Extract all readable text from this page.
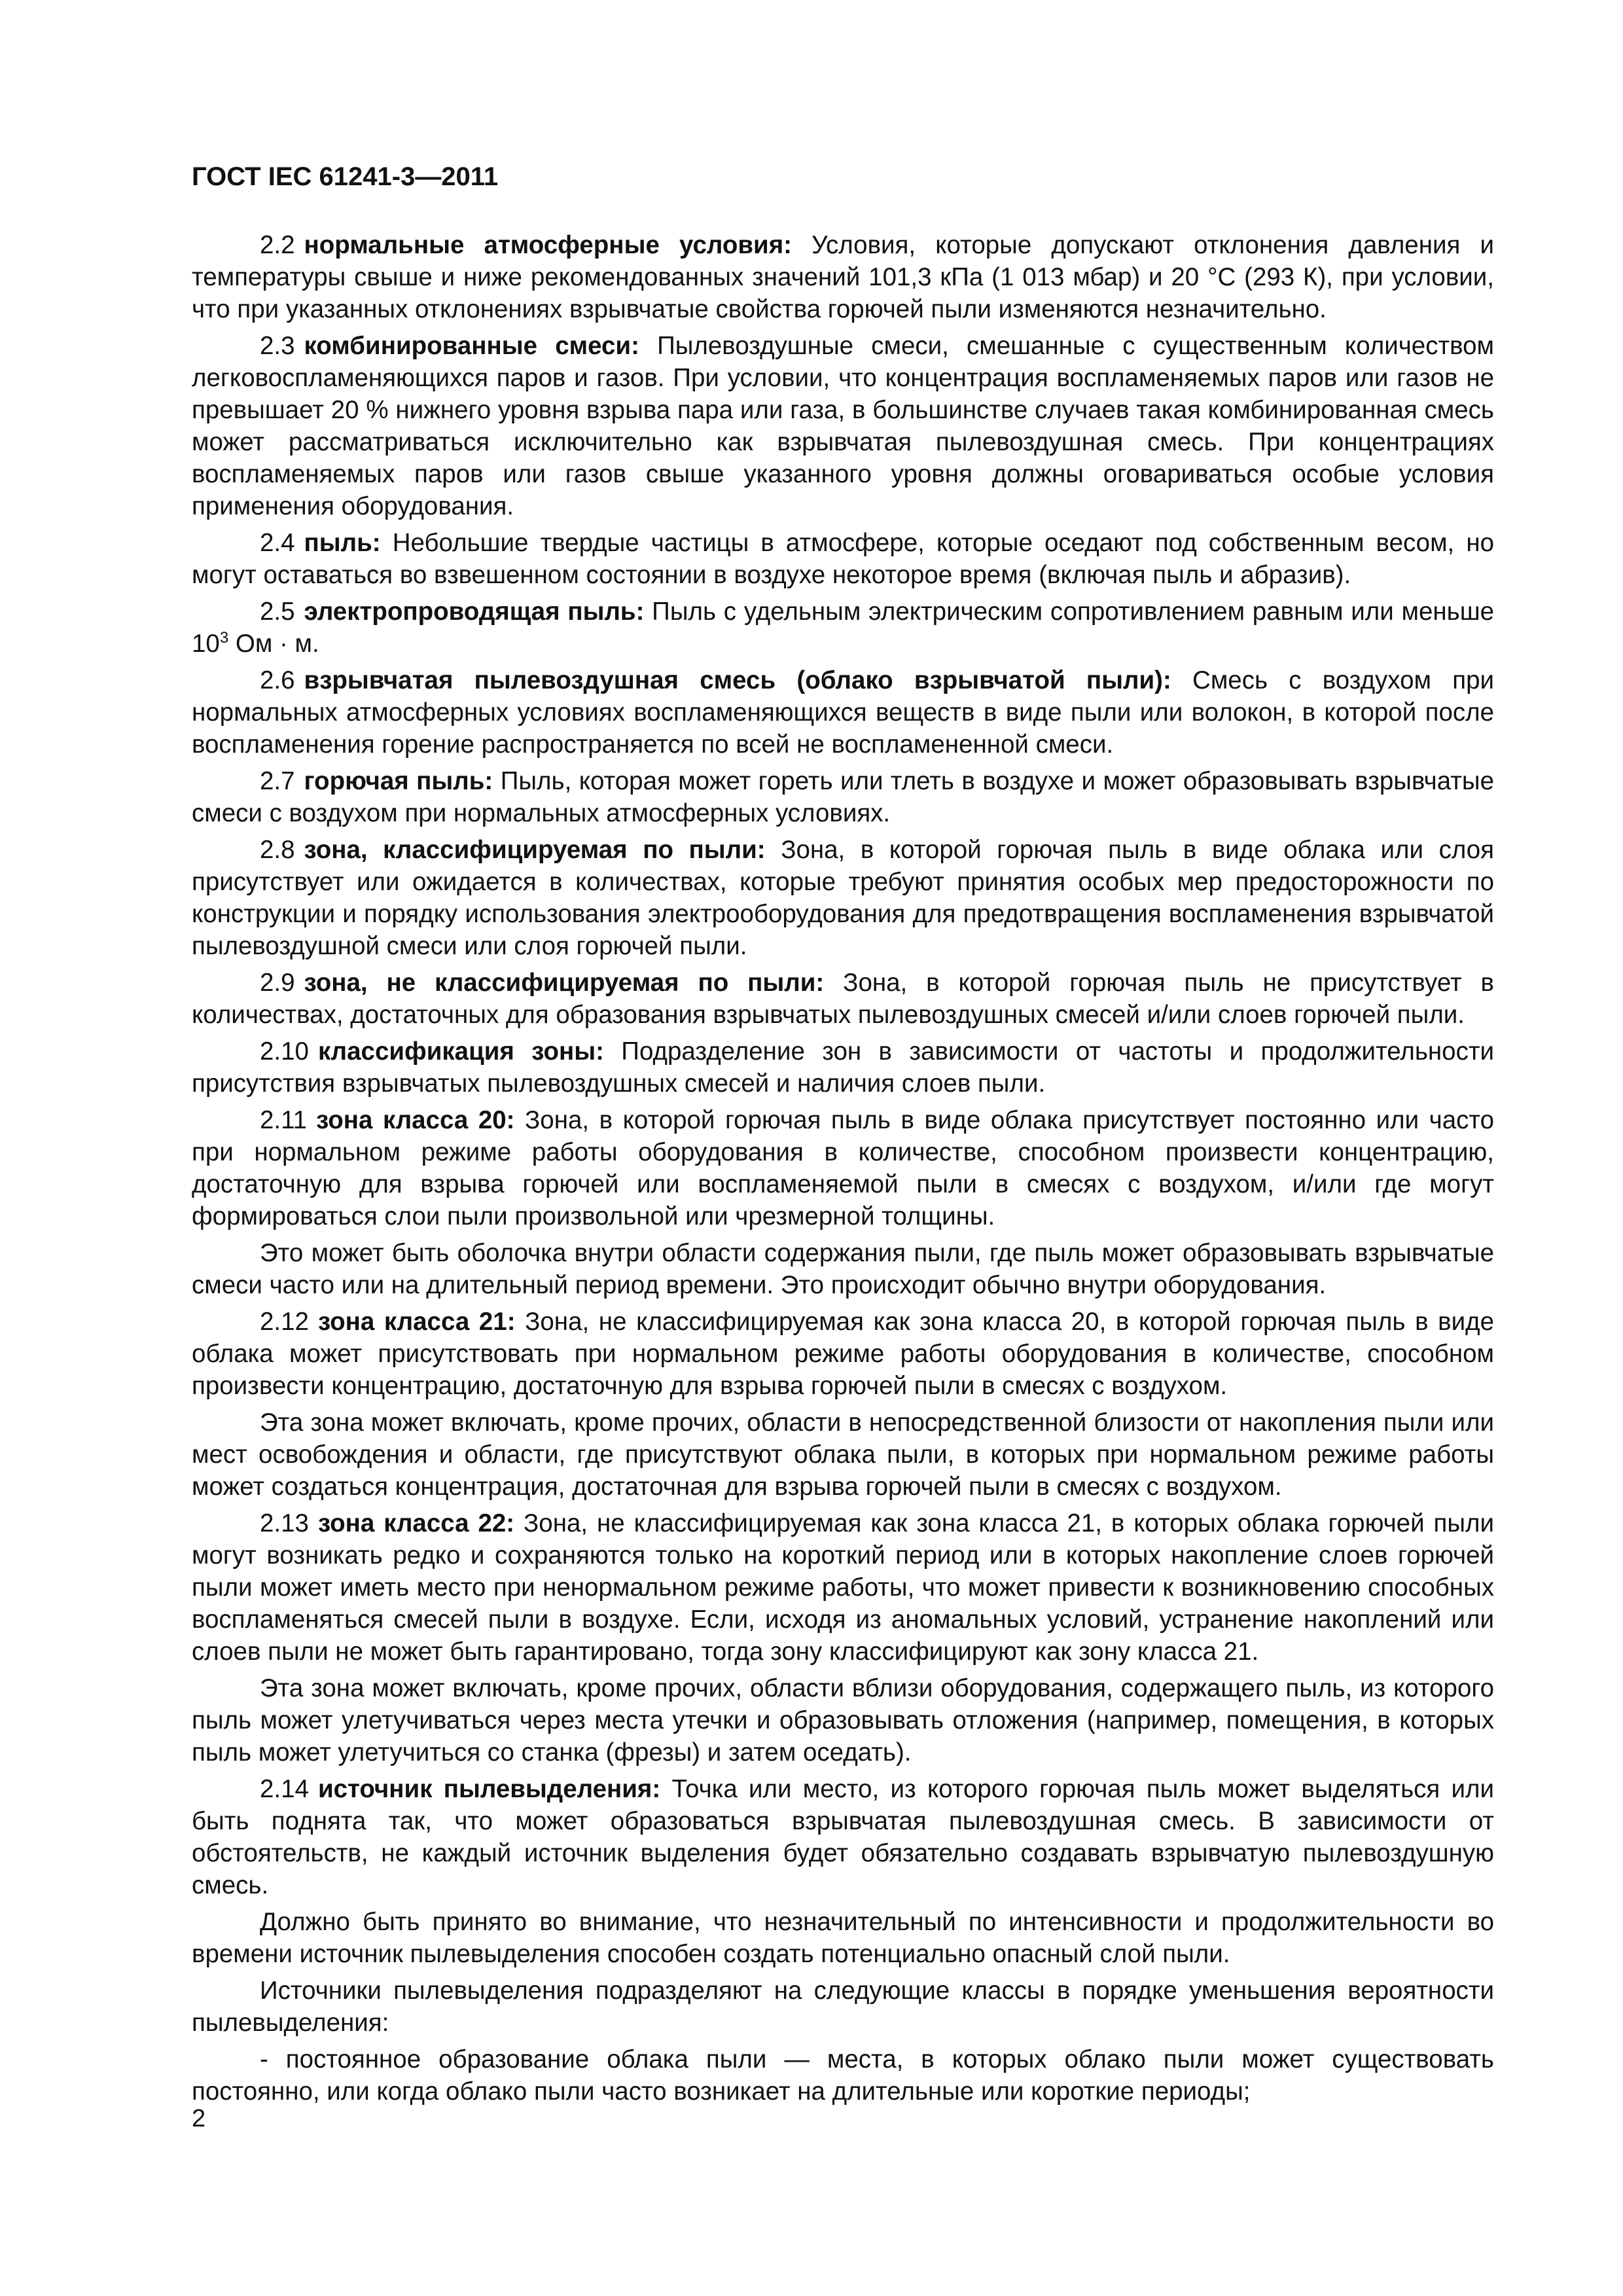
ГОСТ IEC 61241-3—2011

2.2 нормальные атмосферные условия: Условия, которые допускают отклонения давления и температуры свыше и ниже рекомендованных значений 101,3 кПа (1 013 мбар) и 20 °С (293 К), при условии, что при указанных отклонениях взрывчатые свойства горючей пыли изменяются незначительно.

2.3 комбинированные смеси: Пылевоздушные смеси, смешанные с существенным количеством легковоспламеняющихся паров и газов. При условии, что концентрация воспламеняемых паров или газов не превышает 20 % нижнего уровня взрыва пара или газа, в большинстве случаев такая комбинированная смесь может рассматриваться исключительно как взрывчатая пылевоздушная смесь. При концентрациях воспламеняемых паров или газов свыше указанного уровня должны оговариваться особые условия применения оборудования.

2.4 пыль: Небольшие твердые частицы в атмосфере, которые оседают под собственным весом, но могут оставаться во взвешенном состоянии в воздухе некоторое время (включая пыль и абразив).

2.5 электропроводящая пыль: Пыль с удельным электрическим сопротивлением равным или меньше $10^3$ Ом · м.

2.6 взрывчатая пылевоздушная смесь (облако взрывчатой пыли): Смесь с воздухом при нормальных атмосферных условиях воспламеняющихся веществ в виде пыли или волокон, в которой после воспламенения горение распространяется по всей не воспламененной смеси.

2.7 горючая пыль: Пыль, которая может гореть или тлеть в воздухе и может образовывать взрывчатые смеси с воздухом при нормальных атмосферных условиях.

2.8 зона, классифицируемая по пыли: Зона, в которой горючая пыль в виде облака или слоя присутствует или ожидается в количествах, которые требуют принятия особых мер предосторожности по конструкции и порядку использования электрооборудования для предотвращения воспламенения взрывчатой пылевоздушной смеси или слоя горючей пыли.

2.9 зона, не классифицируемая по пыли: Зона, в которой горючая пыль не присутствует в количествах, достаточных для образования взрывчатых пылевоздушных смесей и/или слоев горючей пыли.

2.10 классификация зоны: Подразделение зон в зависимости от частоты и продолжительности присутствия взрывчатых пылевоздушных смесей и наличия слоев пыли.

2.11 зона класса 20: Зона, в которой горючая пыль в виде облака присутствует постоянно или часто при нормальном режиме работы оборудования в количестве, способном произвести концентрацию, достаточную для взрыва горючей или воспламеняемой пыли в смесях с воздухом, и/или где могут формироваться слои пыли произвольной или чрезмерной толщины.

Это может быть оболочка внутри области содержания пыли, где пыль может образовывать взрывчатые смеси часто или на длительный период времени. Это происходит обычно внутри оборудования.

2.12 зона класса 21: Зона, не классифицируемая как зона класса 20, в которой горючая пыль в виде облака может присутствовать при нормальном режиме работы оборудования в количестве, способном произвести концентрацию, достаточную для взрыва горючей пыли в смесях с воздухом.

Эта зона может включать, кроме прочих, области в непосредственной близости от накопления пыли или мест освобождения и области, где присутствуют облака пыли, в которых при нормальном режиме работы может создаться концентрация, достаточная для взрыва горючей пыли в смесях с воздухом.

2.13 зона класса 22: Зона, не классифицируемая как зона класса 21, в которых облака горючей пыли могут возникать редко и сохраняются только на короткий период или в которых накопление слоев горючей пыли может иметь место при ненормальном режиме работы, что может привести к возникновению способных воспламеняться смесей пыли в воздухе. Если, исходя из аномальных условий, устранение накоплений или слоев пыли не может быть гарантировано, тогда зону классифицируют как зону класса 21.

Эта зона может включать, кроме прочих, области вблизи оборудования, содержащего пыль, из которого пыль может улетучиваться через места утечки и образовывать отложения (например, помещения, в которых пыль может улетучиться со станка (фрезы) и затем оседать).

2.14 источник пылевыделения: Точка или место, из которого горючая пыль может выделяться или быть поднята так, что может образоваться взрывчатая пылевоздушная смесь. В зависимости от обстоятельств, не каждый источник выделения будет обязательно создавать взрывчатую пылевоздушную смесь.

Должно быть принято во внимание, что незначительный по интенсивности и продолжительности во времени источник пылевыделения способен создать потенциально опасный слой пыли.

Источники пылевыделения подразделяют на следующие классы в порядке уменьшения вероятности пылевыделения:

- постоянное образование облака пыли — места, в которых облако пыли может существовать постоянно, или когда облако пыли часто возникает на длительные или короткие периоды;

2
